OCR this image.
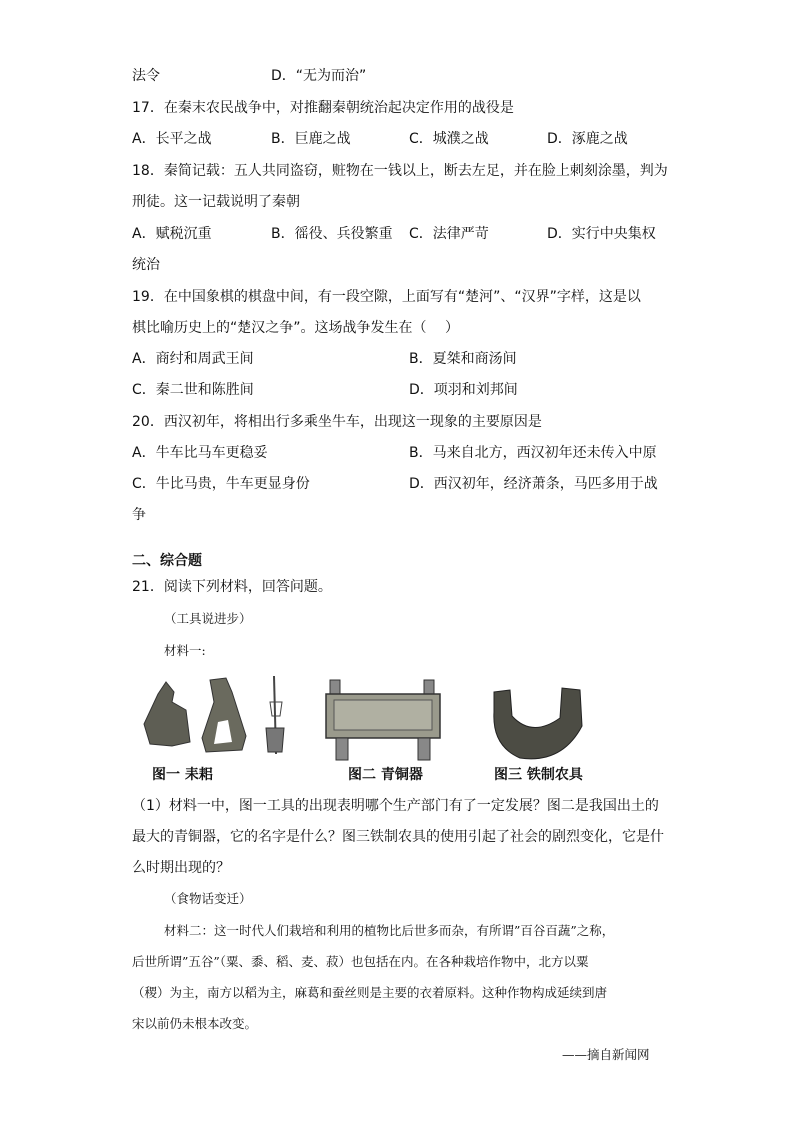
法令	D．“无为而治”
17．在秦末农民战争中，对推翻秦朝统治起决定作用的战役是
A．长平之战	B．巨鹿之战	C．城濮之战	D．涿鹿之战
18．秦简记载：五人共同盗窃，赃物在一钱以上，断去左足，并在脸上刺刻涂墨，判为
刑徒。这一记载说明了秦朝
A．赋税沉重	B．徭役、兵役繁重 C．法律严苛	D．实行中央集权
统治
19．在中国象棋的棋盘中间，有一段空隙，上面写有“楚河”、“汉界”字样，这是以
棋比喻历史上的“楚汉之争”。这场战争发生在（　 ）
A．商纣和周武王间	B．夏桀和商汤间
C．秦二世和陈胜间	D．项羽和刘邦间
20．西汉初年，将相出行多乘坐牛车，出现这一现象的主要原因是
A．牛车比马车更稳妥	B．马来自北方，西汉初年还未传入中原
C．牛比马贵，牛车更显身份	D．西汉初年，经济萧条，马匹多用于战
争
二、综合题
21．阅读下列材料，回答问题。
（工具说进步）
材料一:
图一 耒耜	图二 青铜器	图三 铁制农具
（1）材料一中，图一工具的出现表明哪个生产部门有了一定发展？图二是我国出土的
最大的青铜器，它的名字是什么？图三铁制农具的使用引起了社会的剧烈变化，它是什
么时期出现的？
（食物话变迁）
材料二：这一时代人们栽培和利用的植物比后世多而杂，有所谓”百谷百蔬”之称，
后世所谓”五谷”（粟、黍、稻、麦、菽）也包括在内。在各种栽培作物中，北方以粟
（稷）为主，南方以稻为主，麻葛和蚕丝则是主要的衣着原料。这种作物构成延续到唐
宋以前仍未根本改变。
——摘自新闻网
